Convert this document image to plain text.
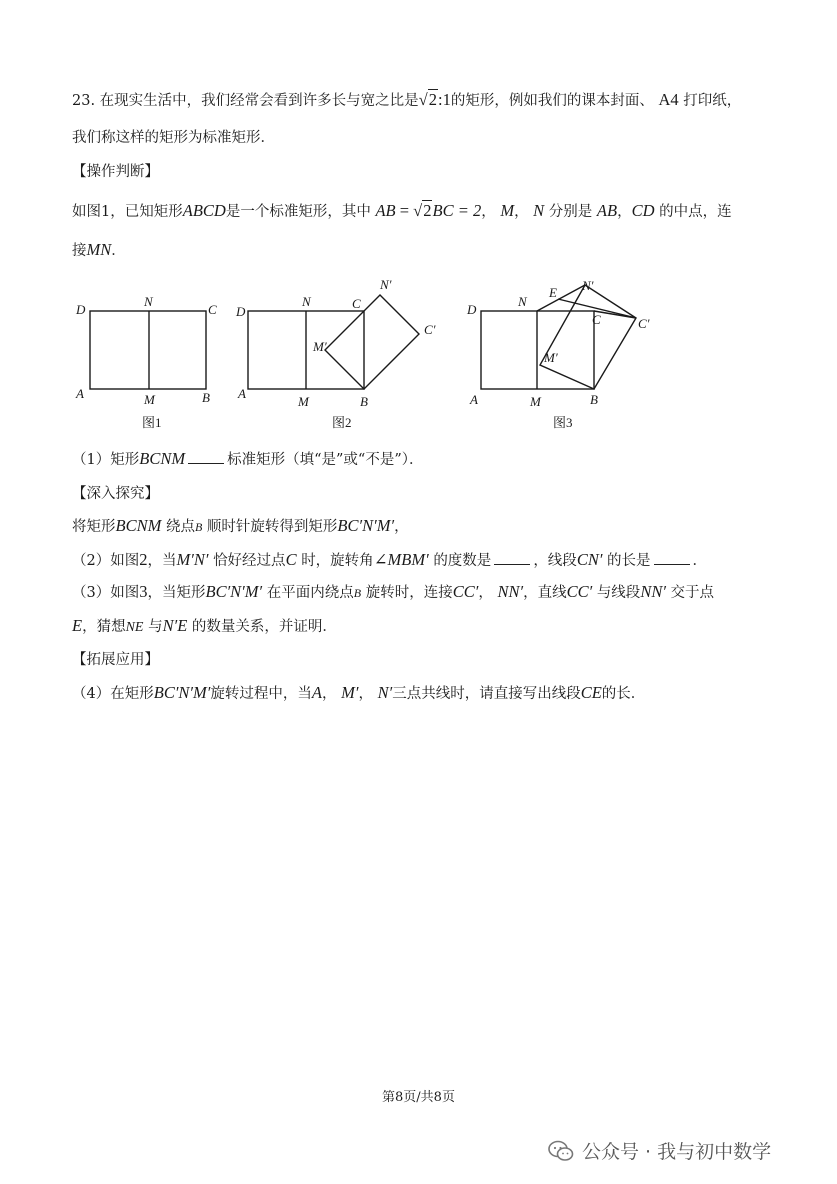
23. 在现实生活中，我们经常会看到许多长与宽之比是√2:1的矩形，例如我们的课本封面、 A4 打印纸，
我们称这样的矩形为标准矩形．
【操作判断】
如图1，已知矩形ABCD是一个标准矩形，其中 AB = √2BC = 2， M， N 分别是 AB，CD 的中点，连
接MN．
D
N
C
A	M	B
图1
D
N	C
N′
M′
C′
A
M	B
图2
D
N
E N′
C	C′
M′
A	M	B
图3
（1）矩形BCNM	标准矩形（填“是”或“不是”）．
【深入探究】
将矩形BCNM 绕点B 顺时针旋转得到矩形BC′N′M′，
（2）如图2，当M′N′ 恰好经过点C 时，旋转角∠MBM′ 的度数是	，线段CN′ 的长是	．
（3）如图3，当矩形BC′N′M′ 在平面内绕点B 旋转时，连接CC′， NN′，直线CC′ 与线段NN′ 交于点
E，猜想NE 与N′E 的数量关系，并证明．
【拓展应用】
（4）在矩形BC′N′M′旋转过程中，当A， M′， N′三点共线时，请直接写出线段CE的长．
第8页/共8页
公众号 · 我与初中数学
